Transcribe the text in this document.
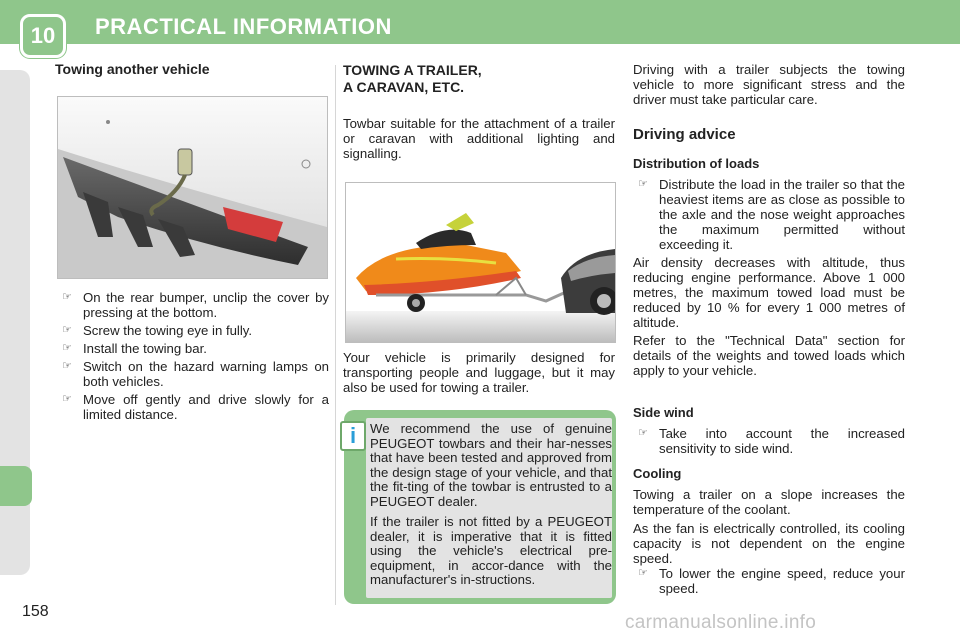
10	PRACTICAL INFORMATION
Towing another vehicle
☞ On the rear bumper, unclip the cover by pressing at the bottom.
☞ Screw the towing eye in fully.
☞ Install the towing bar.
☞ Switch on the hazard warning lamps on both vehicles.
☞ Move off gently and drive slowly for a limited distance.
TOWING A TRAILER,
A CARAVAN, ETC.

Towbar suitable for the attachment of a trailer or caravan with additional lighting and signalling.

Your vehicle is primarily designed for transporting people and luggage, but it may also be used for towing a trailer.

We recommend the use of genuine PEUGEOT towbars and their har-nesses that have been tested and approved from the design stage of your vehicle, and that the fit-ting of the towbar is entrusted to a PEUGEOT dealer.

If the trailer is not fitted by a PEUGEOT dealer, it is imperative that it is fitted using the vehicle's electrical pre-equipment, in accor-dance with the manufacturer's in-structions.

i

Driving with a trailer subjects the towing vehicle to more significant stress and the driver must take particular care.

Driving advice
Distribution of loads
☞ Distribute the load in the trailer so that the heaviest items are as close as possible to the axle and the nose weight approaches the maximum permitted without exceeding it.

Air density decreases with altitude, thus reducing engine performance. Above 1 000 metres, the maximum towed load must be reduced by 10 % for every 1 000 metres of altitude.

Refer to the "Technical Data" section for details of the weights and towed loads which apply to your vehicle.

Side wind
☞ Take into account the increased sensitivity to side wind.
Cooling

Towing a trailer on a slope increases the temperature of the coolant.

As the fan is electrically controlled, its cooling capacity is not dependent on the engine speed.

☞ To lower the engine speed, reduce your speed.
158
carmanualsonline.info
